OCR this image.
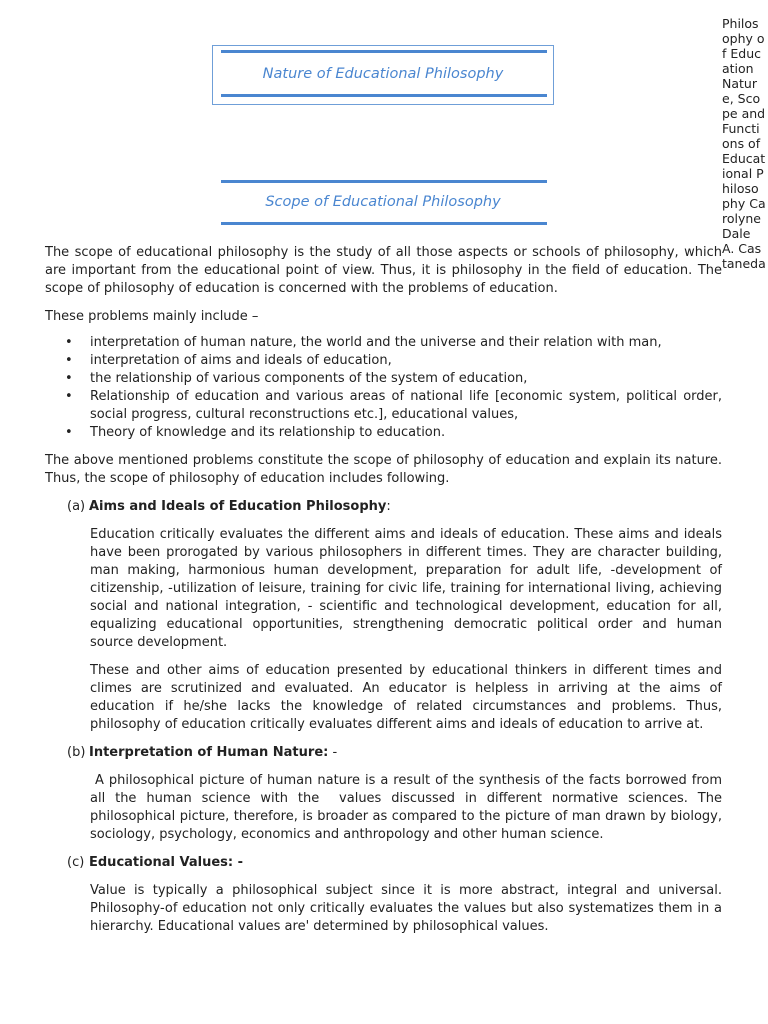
Philosophy of Education Nature, Scope and Functions of Educational Philosophy Carolyne Dale A. Castaneda
Nature of Educational Philosophy
Scope of Educational Philosophy

The scope of educational philosophy is the study of all those aspects or schools of philosophy, which are important from the educational point of view. Thus, it is philosophy in the field of education. The scope of philosophy of education is concerned with the problems of education.

These problems mainly include –

• interpretation of human nature, the world and the universe and their relation with man,
• interpretation of aims and ideals of education,
• the relationship of various components of the system of education,
• Relationship of education and various areas of national life [economic system, political order, social progress, cultural reconstructions etc.], educational values,
• Theory of knowledge and its relationship to education.

The above mentioned problems constitute the scope of philosophy of education and explain its nature. Thus, the scope of philosophy of education includes following.

(a) Aims and Ideals of Education Philosophy:

Education critically evaluates the different aims and ideals of education. These aims and ideals have been prorogated by various philosophers in different times. They are character building, man making, harmonious human development, preparation for adult life, -development of citizenship, -utilization of leisure, training for civic life, training for international living, achieving social and national integration, - scientific and technological development, education for all, equalizing educational opportunities, strengthening democratic political order and human source development.

These and other aims of education presented by educational thinkers in different times and climes are scrutinized and evaluated. An educator is helpless in arriving at the aims of education if he/she lacks the knowledge of related circumstances and problems. Thus, philosophy of education critically evaluates different aims and ideals of education to arrive at.

(b) Interpretation of Human Nature: -

A philosophical picture of human nature is a result of the synthesis of the facts borrowed from all the human science with the  values discussed in different normative sciences. The philosophical picture, therefore, is broader as compared to the picture of man drawn by biology, sociology, psychology, economics and anthropology and other human science.

(c) Educational Values: -

Value is typically a philosophical subject since it is more abstract, integral and universal. Philosophy-of education not only critically evaluates the values but also systematizes them in a hierarchy. Educational values are' determined by philosophical values.
